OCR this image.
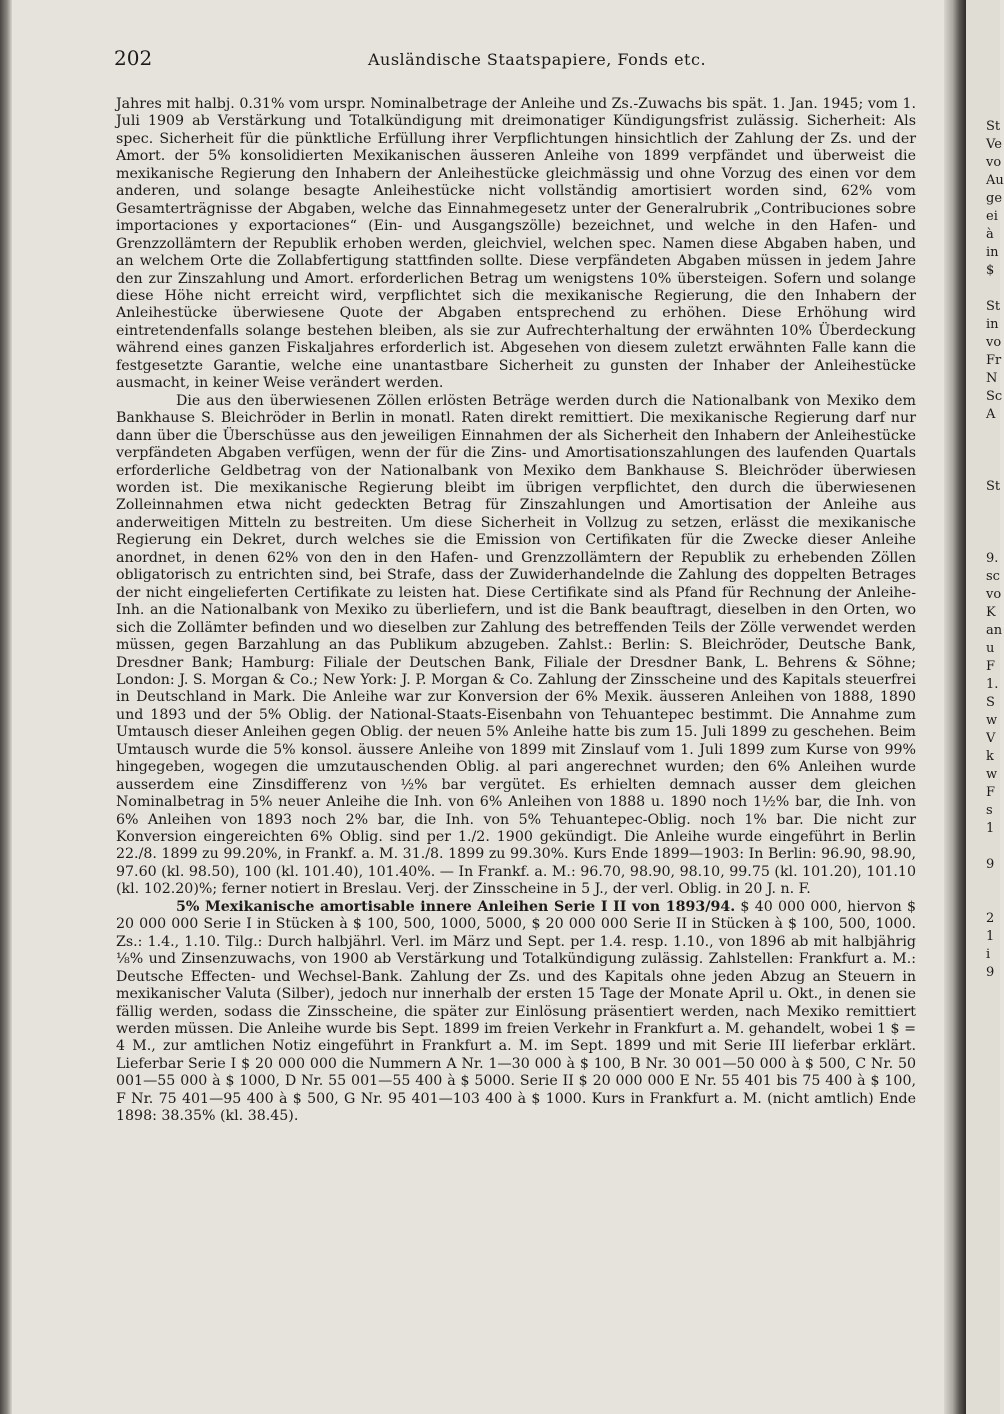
202	Ausländische Staatspapiere, Fonds etc.

Jahres mit halbj. 0.31% vom urspr. Nominalbetrage der Anleihe und Zs.-Zuwachs bis spät. 1. Jan. 1945; vom 1. Juli 1909 ab Verstärkung und Totalkündigung mit dreimonatiger Kündigungsfrist zulässig. Sicherheit: Als spec. Sicherheit für die pünktliche Erfüllung ihrer Verpflichtungen hinsichtlich der Zahlung der Zs. und der Amort. der 5% konsolidierten Mexikanischen äusseren Anleihe von 1899 verpfändet und überweist die mexikanische Regierung den Inhabern der Anleihestücke gleichmässig und ohne Vorzug des einen vor dem anderen, und solange besagte Anleihestücke nicht vollständig amortisiert worden sind, 62% vom Gesamterträgnisse der Abgaben, welche das Einnahmegesetz unter der Generalrubrik „Contribuciones sobre importaciones y exportaciones“ (Ein- und Ausgangszölle) bezeichnet, und welche in den Hafen- und Grenzzollämtern der Republik erhoben werden, gleichviel, welchen spec. Namen diese Abgaben haben, und an welchem Orte die Zollabfertigung stattfinden sollte. Diese verpfändeten Abgaben müssen in jedem Jahre den zur Zinszahlung und Amort. erforderlichen Betrag um wenigstens 10% übersteigen. Sofern und solange diese Höhe nicht erreicht wird, verpflichtet sich die mexikanische Regierung, die den Inhabern der Anleihestücke überwiesene Quote der Abgaben entsprechend zu erhöhen. Diese Erhöhung wird eintretendenfalls solange bestehen bleiben, als sie zur Aufrechterhaltung der erwähnten 10% Überdeckung während eines ganzen Fiskaljahres erforderlich ist. Abgesehen von diesem zuletzt erwähnten Falle kann die festgesetzte Garantie, welche eine unantastbare Sicherheit zu gunsten der Inhaber der Anleihestücke ausmacht, in keiner Weise verändert werden.

Die aus den überwiesenen Zöllen erlösten Beträge werden durch die Nationalbank von Mexiko dem Bankhause S. Bleichröder in Berlin in monatl. Raten direkt remittiert. Die mexikanische Regierung darf nur dann über die Überschüsse aus den jeweiligen Einnahmen der als Sicherheit den Inhabern der Anleihestücke verpfändeten Abgaben verfügen, wenn der für die Zins- und Amortisationszahlungen des laufenden Quartals erforderliche Geldbetrag von der Nationalbank von Mexiko dem Bankhause S. Bleichröder überwiesen worden ist. Die mexikanische Regierung bleibt im übrigen verpflichtet, den durch die überwiesenen Zolleinnahmen etwa nicht gedeckten Betrag für Zinszahlungen und Amortisation der Anleihe aus anderweitigen Mitteln zu bestreiten. Um diese Sicherheit in Vollzug zu setzen, erlässt die mexikanische Regierung ein Dekret, durch welches sie die Emission von Certifikaten für die Zwecke dieser Anleihe anordnet, in denen 62% von den in den Hafen- und Grenzzollämtern der Republik zu erhebenden Zöllen obligatorisch zu entrichten sind, bei Strafe, dass der Zuwiderhandelnde die Zahlung des doppelten Betrages der nicht eingelieferten Certifikate zu leisten hat. Diese Certifikate sind als Pfand für Rechnung der Anleihe-Inh. an die Nationalbank von Mexiko zu überliefern, und ist die Bank beauftragt, dieselben in den Orten, wo sich die Zollämter befinden und wo dieselben zur Zahlung des betreffenden Teils der Zölle verwendet werden müssen, gegen Barzahlung an das Publikum abzugeben. Zahlst.: Berlin: S. Bleichröder, Deutsche Bank, Dresdner Bank; Hamburg: Filiale der Deutschen Bank, Filiale der Dresdner Bank, L. Behrens & Söhne; London: J. S. Morgan & Co.; New York: J. P. Morgan & Co. Zahlung der Zinsscheine und des Kapitals steuerfrei in Deutschland in Mark. Die Anleihe war zur Konversion der 6% Mexik. äusseren Anleihen von 1888, 1890 und 1893 und der 5% Oblig. der National-Staats-Eisenbahn von Tehuantepec bestimmt. Die Annahme zum Umtausch dieser Anleihen gegen Oblig. der neuen 5% Anleihe hatte bis zum 15. Juli 1899 zu geschehen. Beim Umtausch wurde die 5% konsol. äussere Anleihe von 1899 mit Zinslauf vom 1. Juli 1899 zum Kurse von 99% hingegeben, wogegen die umzutauschenden Oblig. al pari angerechnet wurden; den 6% Anleihen wurde ausserdem eine Zinsdifferenz von ½% bar vergütet. Es erhielten demnach ausser dem gleichen Nominalbetrag in 5% neuer Anleihe die Inh. von 6% Anleihen von 1888 u. 1890 noch 1½% bar, die Inh. von 6% Anleihen von 1893 noch 2% bar, die Inh. von 5% Tehuantepec-Oblig. noch 1% bar. Die nicht zur Konversion eingereichten 6% Oblig. sind per 1./2. 1900 gekündigt. Die Anleihe wurde eingeführt in Berlin 22./8. 1899 zu 99.20%, in Frankf. a. M. 31./8. 1899 zu 99.30%. Kurs Ende 1899—1903: In Berlin: 96.90, 98.90, 97.60 (kl. 98.50), 100 (kl. 101.40), 101.40%. — In Frankf. a. M.: 96.70, 98.90, 98.10, 99.75 (kl. 101.20), 101.10 (kl. 102.20)%; ferner notiert in Breslau. Verj. der Zinsscheine in 5 J., der verl. Oblig. in 20 J. n. F.

5% Mexikanische amortisable innere Anleihen Serie I II von 1893/94. $ 40 000 000, hiervon $ 20 000 000 Serie I in Stücken à $ 100, 500, 1000, 5000, $ 20 000 000 Serie II in Stücken à $ 100, 500, 1000. Zs.: 1.4., 1.10. Tilg.: Durch halbjährl. Verl. im März und Sept. per 1.4. resp. 1.10., von 1896 ab mit halbjährig ⅛% und Zinsenzuwachs, von 1900 ab Verstärkung und Totalkündigung zulässig. Zahlstellen: Frankfurt a. M.: Deutsche Effecten- und Wechsel-Bank. Zahlung der Zs. und des Kapitals ohne jeden Abzug an Steuern in mexikanischer Valuta (Silber), jedoch nur innerhalb der ersten 15 Tage der Monate April u. Okt., in denen sie fällig werden, sodass die Zinsscheine, die später zur Einlösung präsentiert werden, nach Mexiko remittiert werden müssen. Die Anleihe wurde bis Sept. 1899 im freien Verkehr in Frankfurt a. M. gehandelt, wobei 1 $ = 4 M., zur amtlichen Notiz eingeführt in Frankfurt a. M. im Sept. 1899 und mit Serie III lieferbar erklärt. Lieferbar Serie I $ 20 000 000 die Nummern A Nr. 1—30 000 à $ 100, B Nr. 30 001—50 000 à $ 500, C Nr. 50 001—55 000 à $ 1000, D Nr. 55 001—55 400 à $ 5000. Serie II $ 20 000 000 E Nr. 55 401 bis 75 400 à $ 100, F Nr. 75 401—95 400 à $ 500, G Nr. 95 401—103 400 à $ 1000. Kurs in Frankfurt a. M. (nicht amtlich) Ende 1898: 38.35% (kl. 38.45).

St
Ve
vo
Au
ge
ei
à
in
$

St
in
vo
Fr
N
Sc
A

St

9.
sc
vo
K
an
u
F
1.
S
w
V
k
w
F
s
1

9

2
1
i
9
